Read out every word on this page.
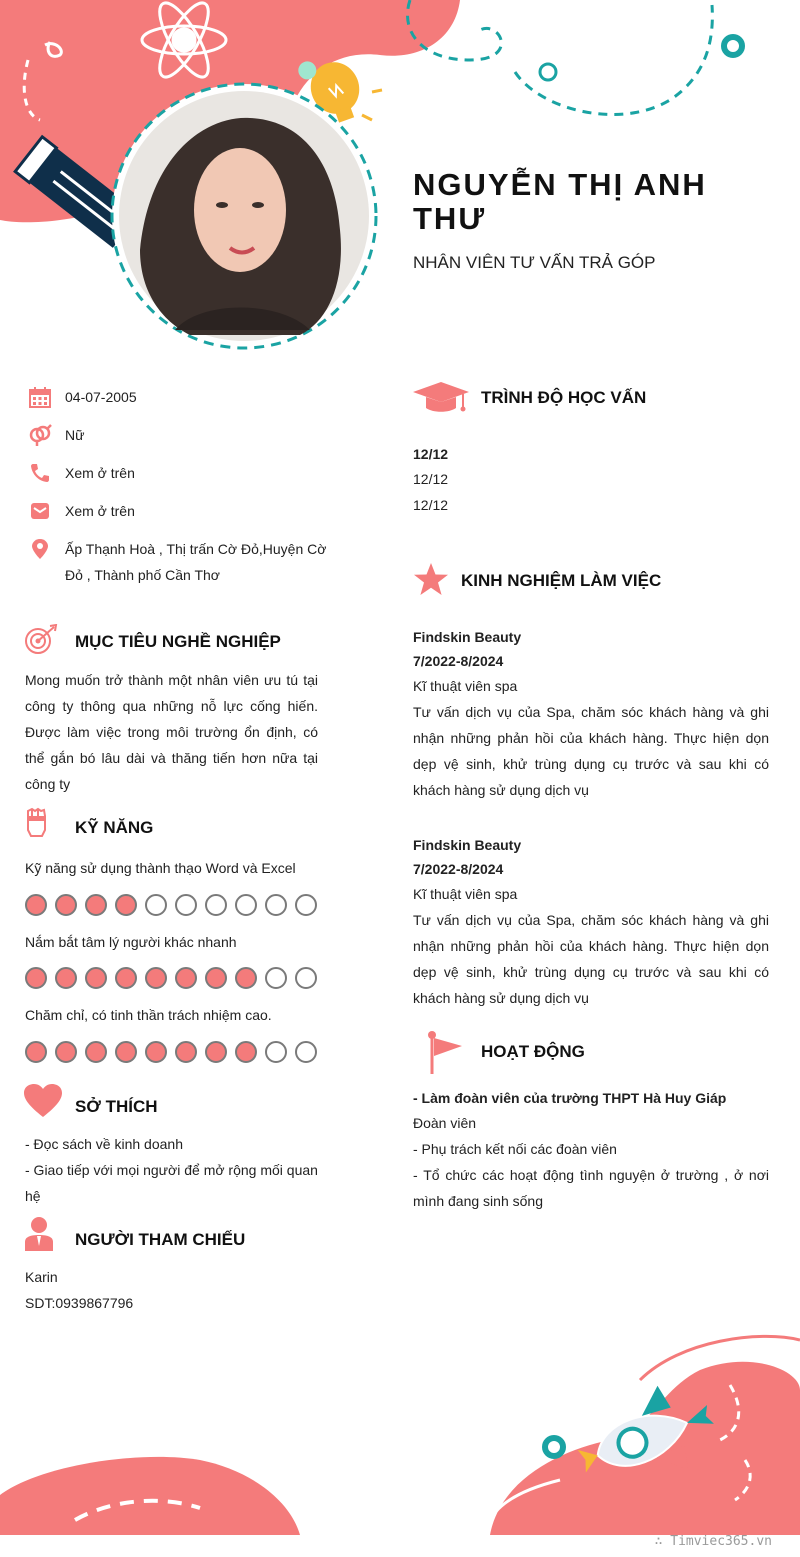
NGUYỄN THỊ ANH THƯ
NHÂN VIÊN TƯ VẤN TRẢ GÓP
04-07-2005
Nữ
Xem ở trên
Xem ở trên
Ấp Thạnh Hoà , Thị trấn Cờ Đỏ,Huyện Cờ Đỏ , Thành phố Cần Thơ
MỤC TIÊU NGHỀ NGHIỆP
Mong muốn trở thành một nhân viên ưu tú tại công ty thông qua những nỗ lực cống hiến. Được làm việc trong môi trường ổn định, có thể gắn bó lâu dài và thăng tiến hơn nữa tại công ty
KỸ NĂNG
Kỹ năng sử dụng thành thạo Word và Excel
Nắm bắt tâm lý người khác nhanh
Chăm chỉ, có tinh thần trách nhiệm cao.
SỞ THÍCH
- Đọc sách về kinh doanh
- Giao tiếp với mọi người để mở rộng mối quan hệ
NGƯỜI THAM CHIẾU
Karin
SDT:0939867796
TRÌNH ĐỘ HỌC VẤN
12/12
12/12
12/12
KINH NGHIỆM LÀM VIỆC
Findskin Beauty
7/2022-8/2024
Kĩ thuật viên spa
Tư vấn dịch vụ của Spa, chăm sóc khách hàng và ghi nhận những phản hồi của khách hàng. Thực hiện dọn dẹp vệ sinh, khử trùng dụng cụ trước và sau khi có khách hàng sử dụng dịch vụ
Findskin Beauty
7/2022-8/2024
Kĩ thuật viên spa
Tư vấn dịch vụ của Spa, chăm sóc khách hàng và ghi nhận những phản hồi của khách hàng. Thực hiện dọn dẹp vệ sinh, khử trùng dụng cụ trước và sau khi có khách hàng sử dụng dịch vụ
HOẠT ĐỘNG
- Làm đoàn viên của trường THPT Hà Huy Giáp
Đoàn viên
- Phụ trách kết nối các đoàn viên
- Tổ chức các hoạt động tình nguyện ở trường , ở nơi mình đang sinh sống
∴ Timviec365.vn
